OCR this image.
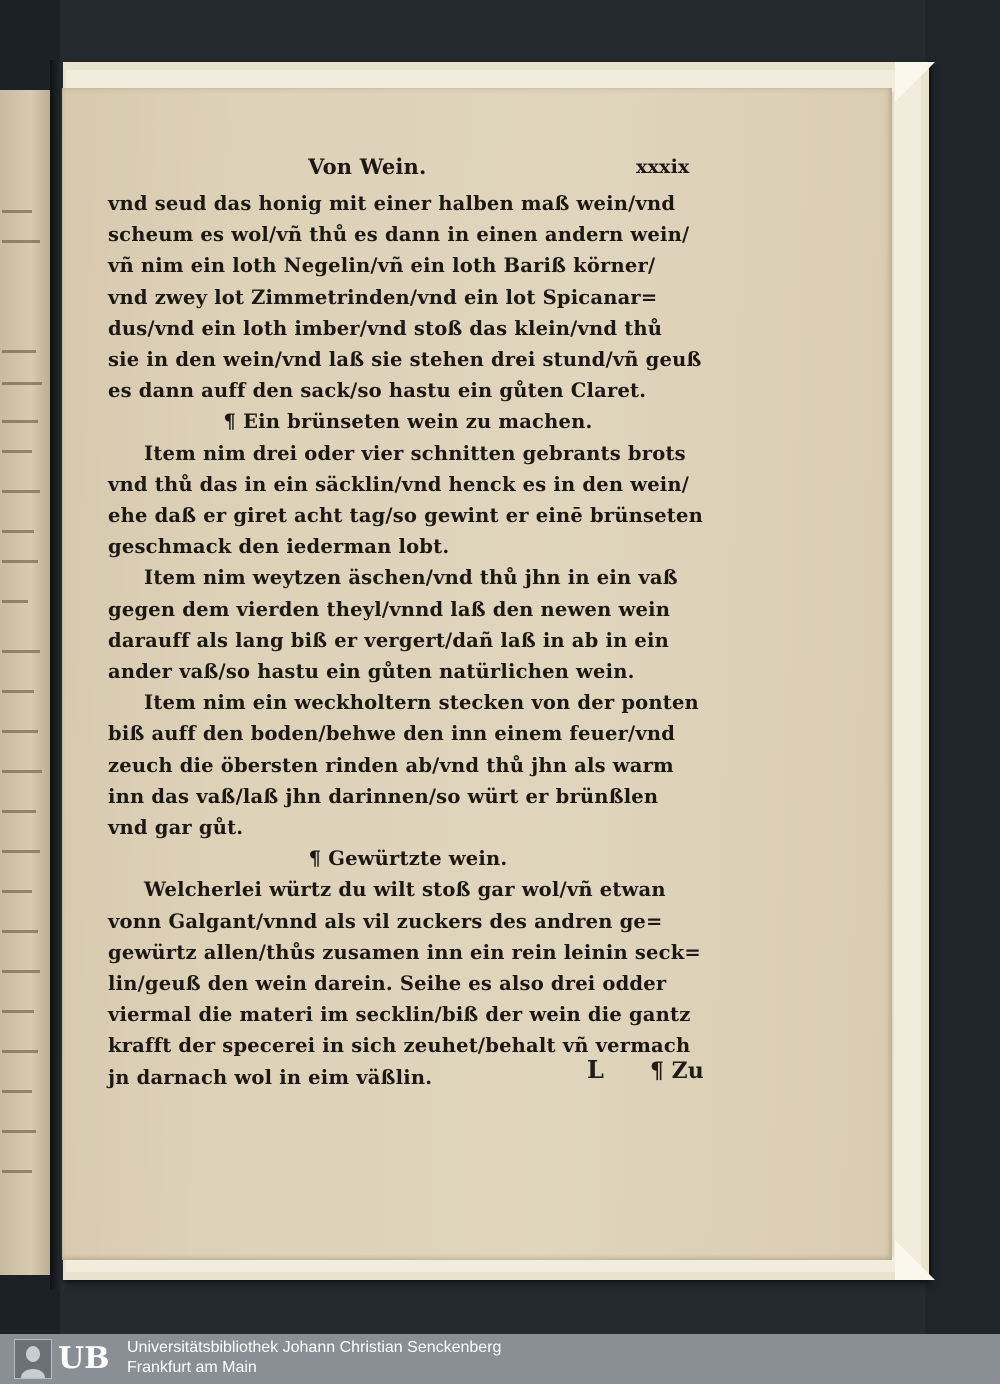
Von Wein.	xxxix
vnd seud das honig mit einer halben maß wein/vnd
scheum es wol/vñ thů es dann in einen andern wein/
vñ nim ein loth Negelin/vñ ein loth Bariß körner/
vnd zwey lot Zimmetrinden/vnd ein lot Spicanar=
dus/vnd ein loth imber/vnd stoß das klein/vnd thů
sie in den wein/vnd laß sie stehen drei stund/vñ geuß
es dann auff den sack/so hastu ein gůten Claret.
¶ Ein brünseten wein zu machen.
Item nim drei oder vier schnitten gebrants brots
vnd thů das in ein säcklin/vnd henck es in den wein/
ehe daß er giret acht tag/so gewint er einē brünseten
geschmack den iederman lobt.
Item nim weytzen äschen/vnd thů jhn in ein vaß
gegen dem vierden theyl/vnnd laß den newen wein
darauff als lang biß er vergert/dañ laß in ab in ein
ander vaß/so hastu ein gůten natürlichen wein.
Item nim ein weckholtern stecken von der ponten
biß auff den boden/behwe den inn einem feuer/vnd
zeuch die öbersten rinden ab/vnd thů jhn als warm
inn das vaß/laß jhn darinnen/so würt er brünßlen
vnd gar gůt.
¶ Gewürtzte wein.
Welcherlei würtz du wilt stoß gar wol/vñ etwan
vonn Galgant/vnnd als vil zuckers des andren ge=
gewürtz allen/thůs zusamen inn ein rein leinin seck=
lin/geuß den wein darein. Seihe es also drei odder
viermal die materi im secklin/biß der wein die gantz
krafft der specerei in sich zeuhet/behalt vñ vermach
jn darnach wol in eim väßlin.	L ¶ Zu
UB Universitätsbibliothek Johann Christian Senckenberg
Frankfurt am Main
